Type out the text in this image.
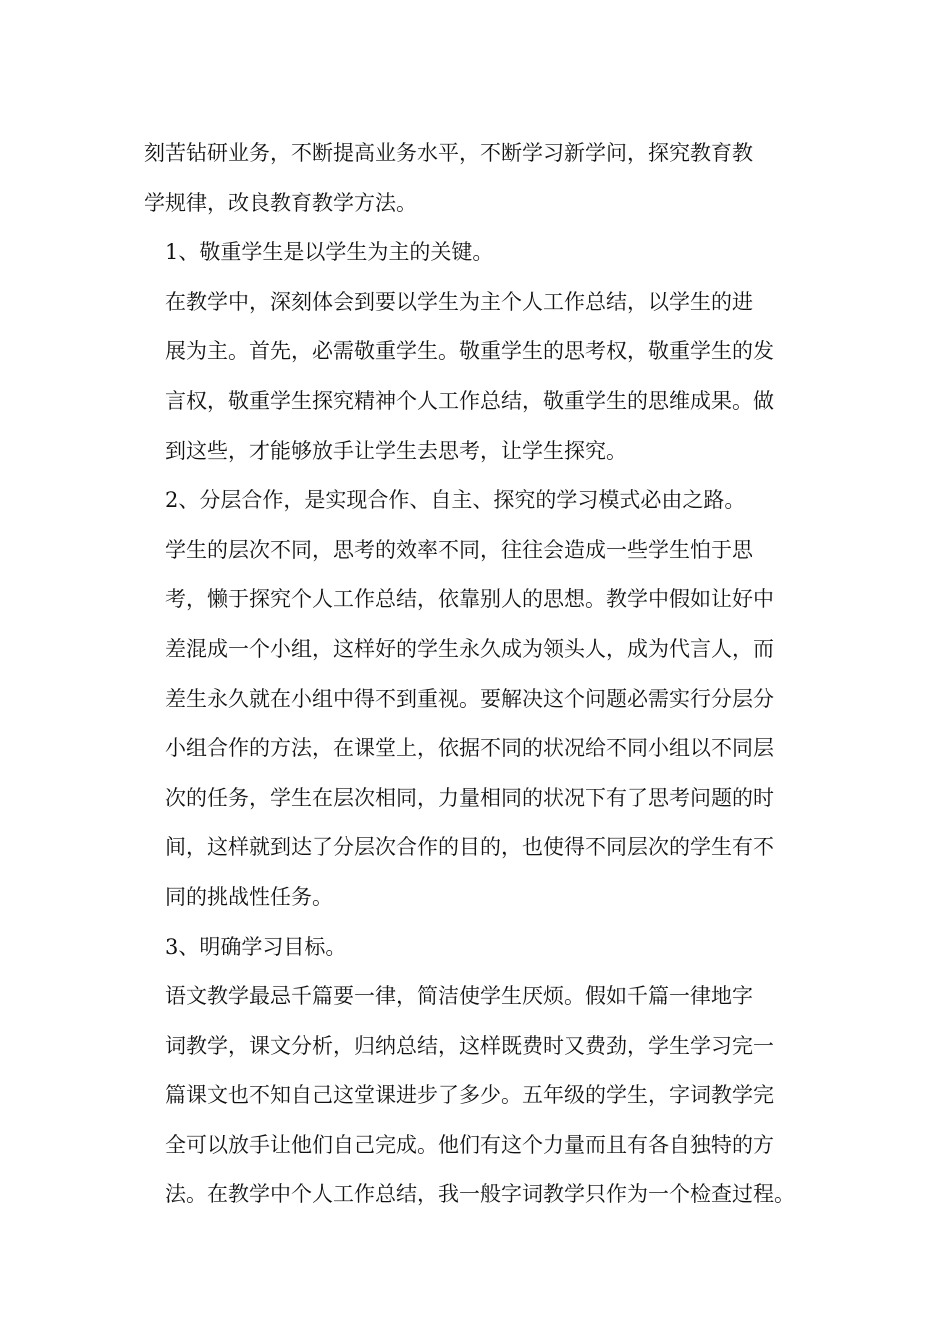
刻苦钻研业务，不断提高业务水平，不断学习新学问，探究教育教
学规律，改良教育教学方法。

1、敬重学生是以学生为主的关键。

在教学中，深刻体会到要以学生为主个人工作总结，以学生的进
展为主。首先，必需敬重学生。敬重学生的思考权，敬重学生的发
言权，敬重学生探究精神个人工作总结，敬重学生的思维成果。做
到这些，才能够放手让学生去思考，让学生探究。

2、分层合作，是实现合作、自主、探究的学习模式必由之路。

学生的层次不同，思考的效率不同，往往会造成一些学生怕于思
考，懒于探究个人工作总结，依靠别人的思想。教学中假如让好中
差混成一个小组，这样好的学生永久成为领头人，成为代言人，而
差生永久就在小组中得不到重视。要解决这个问题必需实行分层分
小组合作的方法，在课堂上，依据不同的状况给不同小组以不同层
次的任务，学生在层次相同，力量相同的状况下有了思考问题的时
间，这样就到达了分层次合作的目的，也使得不同层次的学生有不
同的挑战性任务。

3、明确学习目标。

语文教学最忌千篇要一律，简洁使学生厌烦。假如千篇一律地字
词教学，课文分析，归纳总结，这样既费时又费劲，学生学习完一
篇课文也不知自己这堂课进步了多少。五年级的学生，字词教学完
全可以放手让他们自己完成。他们有这个力量而且有各自独特的方
法。在教学中个人工作总结，我一般字词教学只作为一个检查过程。
